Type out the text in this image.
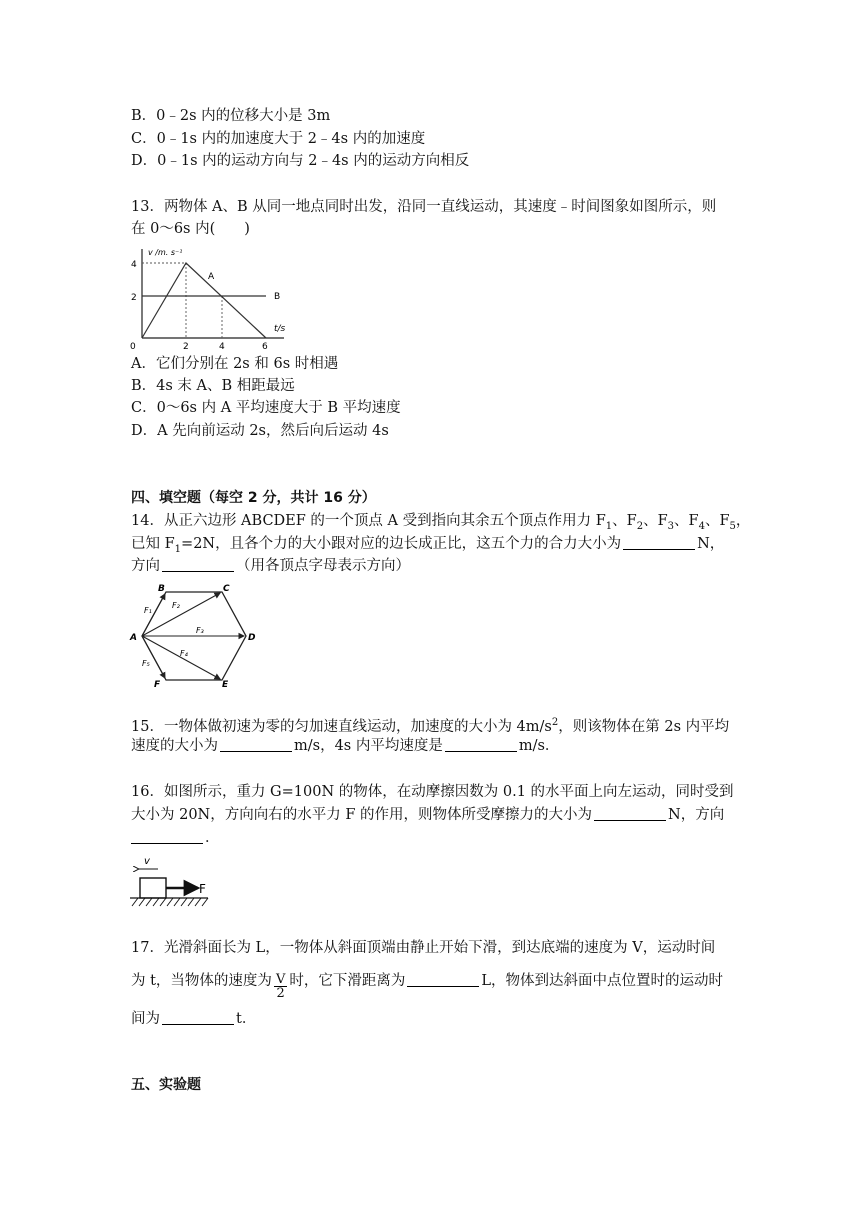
B．0﹣2s 内的位移大小是 3m
C．0﹣1s 内的加速度大于 2﹣4s 内的加速度
D．0﹣1s 内的运动方向与 2﹣4s 内的运动方向相反
13．两物体 A、B 从同一地点同时出发，沿同一直线运动，其速度﹣时间图象如图所示，则
在 0～6s 内(　　)
v /m. s⁻¹
t/s
A
B
4
2
0	2	4	6
A．它们分别在 2s 和 6s 时相遇
B．4s 末 A、B 相距最远
C．0～6s 内 A 平均速度大于 B 平均速度
D．A 先向前运动 2s，然后向后运动 4s
四、填空题（每空 2 分，共计 16 分）
14．从正六边形 ABCDEF 的一个顶点 A 受到指向其余五个顶点作用力 $F_1$、$F_2$、$F_3$、$F_4$、$F_5$，
已知 $F_1=2N$，且各个力的大小跟对应的边长成正比，这五个力的合力大小为	N，
方向	（用各顶点字母表示方向）
A
B	C
D
E
F
F₁
F₂
F₃
F₄
F₅
15．一物体做初速为零的匀加速直线运动，加速度的大小为 $4m/s^2$，则该物体在第 2s 内平均
速度的大小为	m/s，4s 内平均速度是	m/s．
16．如图所示，重力 G=100N 的物体，在动摩擦因数为 0.1 的水平面上向左运动，同时受到
大小为 20N，方向向右的水平力 F 的作用，则物体所受摩擦力的大小为	N，方向
．
v
F
17．光滑斜面长为 L，一物体从斜面顶端由静止开始下滑，到达底端的速度为 V，运动时间
为 t，当物体的速度为 $\frac{V}{2}$ 时，它下滑距离为	L，物体到达斜面中点位置时的运动时
间为	t．
五、实验题
